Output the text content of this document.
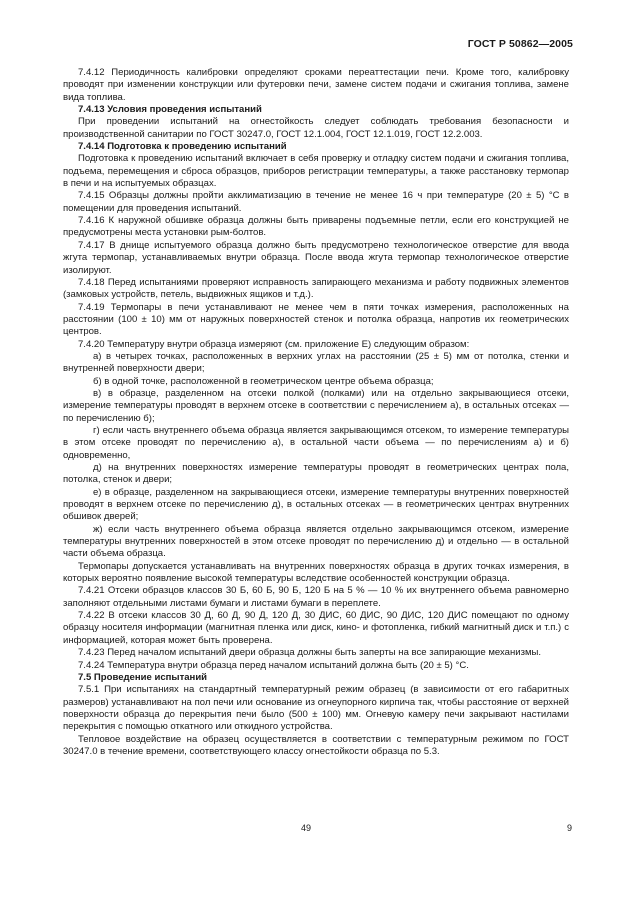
ГОСТ Р 50862—2005

7.4.12 Периодичность калибровки определяют сроками переаттестации печи. Кроме того, калибровку проводят при изменении конструкции или футеровки печи, замене систем подачи и сжигания топлива, замене вида топлива.

7.4.13 Условия проведения испытаний

При проведении испытаний на огнестойкость следует соблюдать требования безопасности и производственной санитарии по ГОСТ 30247.0, ГОСТ 12.1.004, ГОСТ 12.1.019, ГОСТ 12.2.003.

7.4.14 Подготовка к проведению испытаний

Подготовка к проведению испытаний включает в себя проверку и отладку систем подачи и сжигания топлива, подъема, перемещения и сброса образцов, приборов регистрации температуры, а также расстановку термопар в печи и на испытуемых образцах.

7.4.15 Образцы должны пройти акклиматизацию в течение не менее 16 ч при температуре (20 ± 5) °С в помещении для проведения испытаний.

7.4.16 К наружной обшивке образца должны быть приварены подъемные петли, если его конструкцией не предусмотрены места установки рым-болтов.

7.4.17 В днище испытуемого образца должно быть предусмотрено технологическое отверстие для ввода жгута термопар, устанавливаемых внутри образца. После ввода жгута термопар технологическое отверстие изолируют.

7.4.18 Перед испытаниями проверяют исправность запирающего механизма и работу подвижных элементов (замковых устройств, петель, выдвижных ящиков и т.д.).

7.4.19 Термопары в печи устанавливают не менее чем в пяти точках измерения, расположенных на расстоянии (100 ± 10) мм от наружных поверхностей стенок и потолка образца, напротив их геометрических центров.

7.4.20 Температуру внутри образца измеряют (см. приложение Е) следующим образом:

а) в четырех точках, расположенных в верхних углах на расстоянии (25 ± 5) мм от потолка, стенки и внутренней поверхности двери;

б) в одной точке, расположенной в геометрическом центре объема образца;

в) в образце, разделенном на отсеки полкой (полками) или на отдельно закрывающиеся отсеки, измерение температуры проводят в верхнем отсеке в соответствии с перечислением а), в остальных отсеках — по перечислению б);

г) если часть внутреннего объема образца является закрывающимся отсеком, то измерение температуры в этом отсеке проводят по перечислению а), в остальной части объема — по перечислениям а) и б) одновременно,

д) на внутренних поверхностях измерение температуры проводят в геометрических центрах пола, потолка, стенок и двери;

е) в образце, разделенном на закрывающиеся отсеки, измерение температуры внутренних поверхностей проводят в верхнем отсеке по перечислению д), в остальных отсеках — в геометрических центрах внутренних обшивок дверей;

ж) если часть внутреннего объема образца является отдельно закрывающимся отсеком, измерение температуры внутренних поверхностей в этом отсеке проводят по перечислению д) и отдельно — в остальной части объема образца.

Термопары допускается устанавливать на внутренних поверхностях образца в других точках измерения, в которых вероятно появление высокой температуры вследствие особенностей конструкции образца.

7.4.21 Отсеки образцов классов 30 Б, 60 Б, 90 Б, 120 Б на 5 % — 10 % их внутреннего объема равномерно заполняют отдельными листами бумаги и листами бумаги в переплете.

7.4.22 В отсеки классов 30 Д, 60 Д, 90 Д, 120 Д, 30 ДИС, 60 ДИС, 90 ДИС, 120 ДИС помещают по одному образцу носителя информации (магнитная пленка или диск, кино- и фотопленка, гибкий магнитный диск и т.п.) с информацией, которая может быть проверена.

7.4.23 Перед началом испытаний двери образца должны быть заперты на все запирающие механизмы.

7.4.24 Температура внутри образца перед началом испытаний должна быть (20 ± 5) °С.

7.5 Проведение испытаний

7.5.1 При испытаниях на стандартный температурный режим образец (в зависимости от его габаритных размеров) устанавливают на пол печи или основание из огнеупорного кирпича так, чтобы расстояние от верхней поверхности образца до перекрытия печи было (500 ± 100) мм. Огневую камеру печи закрывают настилами перекрытия с помощью откатного или откидного устройства.

Тепловое воздействие на образец осуществляется в соответствии с температурным режимом по ГОСТ 30247.0 в течение времени, соответствующего классу огнестойкости образца по 5.3.

49	9
